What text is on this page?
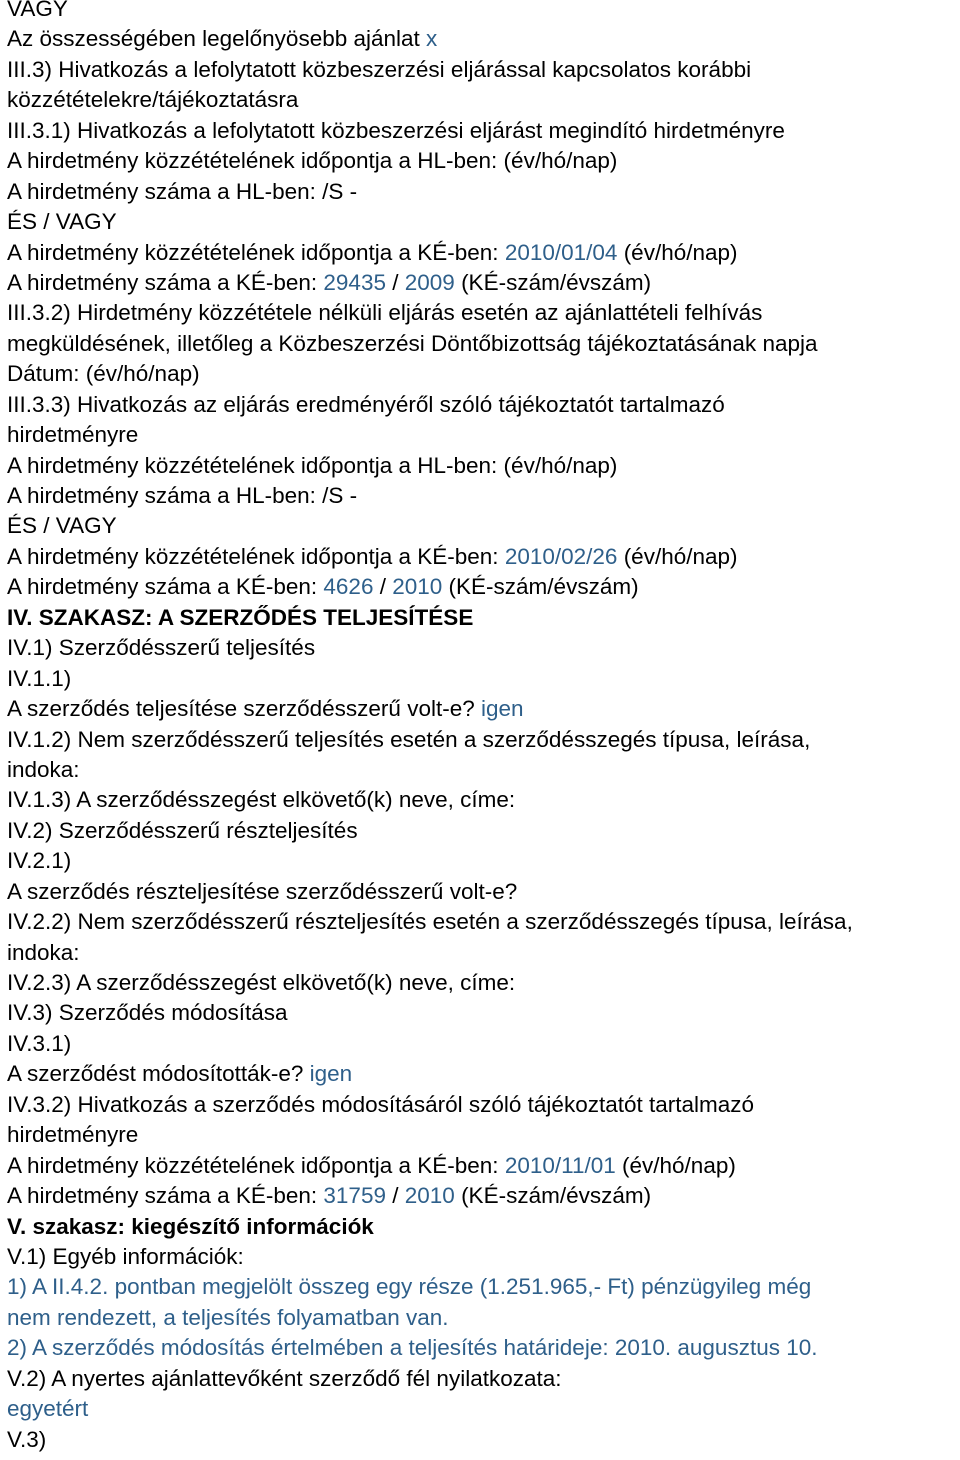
VAGY
Az összességében legelőnyösebb ajánlat x
III.3) Hivatkozás a lefolytatott közbeszerzési eljárással kapcsolatos korábbi
közzétételekre/tájékoztatásra
III.3.1) Hivatkozás a lefolytatott közbeszerzési eljárást megindító hirdetményre
A hirdetmény közzétételének időpontja a HL-ben: (év/hó/nap)
A hirdetmény száma a HL-ben: /S -
ÉS / VAGY
A hirdetmény közzétételének időpontja a KÉ-ben: 2010/01/04 (év/hó/nap)
A hirdetmény száma a KÉ-ben: 29435 / 2009 (KÉ-szám/évszám)
III.3.2) Hirdetmény közzététele nélküli eljárás esetén az ajánlattételi felhívás
megküldésének, illetőleg a Közbeszerzési Döntőbizottság tájékoztatásának napja
Dátum: (év/hó/nap)
III.3.3) Hivatkozás az eljárás eredményéről szóló tájékoztatót tartalmazó
hirdetményre
A hirdetmény közzétételének időpontja a HL-ben: (év/hó/nap)
A hirdetmény száma a HL-ben: /S -
ÉS / VAGY
A hirdetmény közzétételének időpontja a KÉ-ben: 2010/02/26 (év/hó/nap)
A hirdetmény száma a KÉ-ben: 4626 / 2010 (KÉ-szám/évszám)
IV. SZAKASZ: A SZERZŐDÉS TELJESÍTÉSE
IV.1) Szerződésszerű teljesítés
IV.1.1)
A szerződés teljesítése szerződésszerű volt-e? igen
IV.1.2) Nem szerződésszerű teljesítés esetén a szerződésszegés típusa, leírása,
indoka:
IV.1.3) A szerződésszegést elkövető(k) neve, címe:
IV.2) Szerződésszerű részteljesítés
IV.2.1)
A szerződés részteljesítése szerződésszerű volt-e?
IV.2.2) Nem szerződésszerű részteljesítés esetén a szerződésszegés típusa, leírása,
indoka:
IV.2.3) A szerződésszegést elkövető(k) neve, címe:
IV.3) Szerződés módosítása
IV.3.1)
A szerződést módosították-e? igen
IV.3.2) Hivatkozás a szerződés módosításáról szóló tájékoztatót tartalmazó
hirdetményre
A hirdetmény közzétételének időpontja a KÉ-ben: 2010/11/01 (év/hó/nap)
A hirdetmény száma a KÉ-ben: 31759 / 2010 (KÉ-szám/évszám)
V. szakasz: kiegészítő információk
V.1) Egyéb információk:
1) A II.4.2. pontban megjelölt összeg egy része (1.251.965,- Ft) pénzügyileg még
nem rendezett, a teljesítés folyamatban van.
2) A szerződés módosítás értelmében a teljesítés határideje: 2010. augusztus 10.
V.2) A nyertes ajánlattevőként szerződő fél nyilatkozata:
egyetért
V.3)
